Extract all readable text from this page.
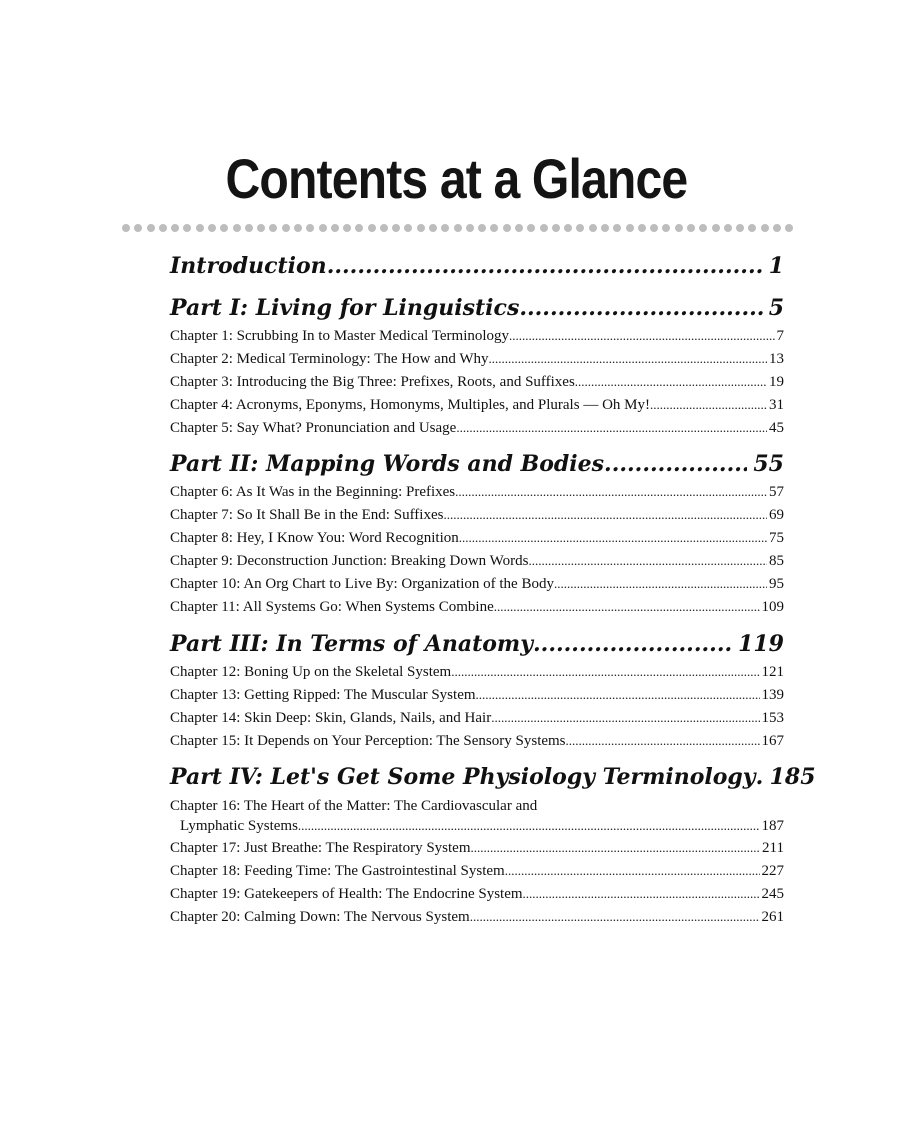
Contents at a Glance
Introduction .....	1
Part I: Living for Linguistics .....	5
Chapter 1: Scrubbing In to Master Medical Terminology .....	7
Chapter 2: Medical Terminology: The How and Why .....	13
Chapter 3: Introducing the Big Three: Prefixes, Roots, and Suffixes .....	19
Chapter 4: Acronyms, Eponyms, Homonyms, Multiples, and Plurals — Oh My! .....	31
Chapter 5: Say What? Pronunciation and Usage .....	45
Part II: Mapping Words and Bodies .....	55
Chapter 6: As It Was in the Beginning: Prefixes .....	57
Chapter 7: So It Shall Be in the End: Suffixes .....	69
Chapter 8: Hey, I Know You: Word Recognition .....	75
Chapter 9: Deconstruction Junction: Breaking Down Words .....	85
Chapter 10: An Org Chart to Live By: Organization of the Body .....	95
Chapter 11: All Systems Go: When Systems Combine .....	109
Part III: In Terms of Anatomy .....	119
Chapter 12: Boning Up on the Skeletal System .....	121
Chapter 13: Getting Ripped: The Muscular System .....	139
Chapter 14: Skin Deep: Skin, Glands, Nails, and Hair .....	153
Chapter 15: It Depends on Your Perception: The Sensory Systems .....	167
Part IV: Let's Get Some Physiology Terminology ..... 185
Chapter 16: The Heart of the Matter: The Cardiovascular and
Lymphatic Systems .....	187
Chapter 17: Just Breathe: The Respiratory System .....	211
Chapter 18: Feeding Time: The Gastrointestinal System .....	227
Chapter 19: Gatekeepers of Health: The Endocrine System .....	245
Chapter 20: Calming Down: The Nervous System .....	261
